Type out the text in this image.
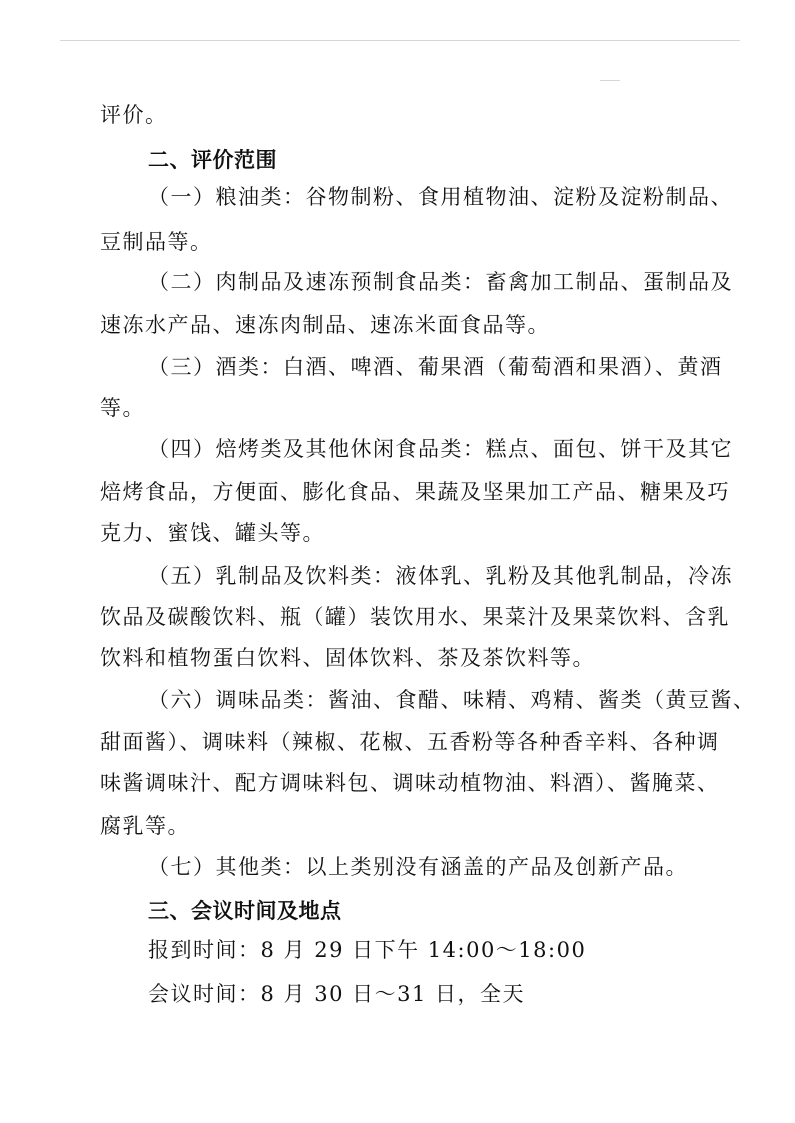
评价。
二、评价范围
（一）粮油类：谷物制粉、食用植物油、淀粉及淀粉制品、
豆制品等。
（二）肉制品及速冻预制食品类：畜禽加工制品、蛋制品及
速冻水产品、速冻肉制品、速冻米面食品等。
（三）酒类：白酒、啤酒、葡果酒（葡萄酒和果酒）、黄酒
等。
（四）焙烤类及其他休闲食品类：糕点、面包、饼干及其它
焙烤食品，方便面、膨化食品、果蔬及坚果加工产品、糖果及巧
克力、蜜饯、罐头等。
（五）乳制品及饮料类：液体乳、乳粉及其他乳制品，冷冻
饮品及碳酸饮料、瓶（罐）装饮用水、果菜汁及果菜饮料、含乳
饮料和植物蛋白饮料、固体饮料、茶及茶饮料等。
（六）调味品类：酱油、食醋、味精、鸡精、酱类（黄豆酱、
甜面酱）、调味料（辣椒、花椒、五香粉等各种香辛料、各种调
味酱调味汁、配方调味料包、调味动植物油、料酒）、酱腌菜、
腐乳等。
（七）其他类：以上类别没有涵盖的产品及创新产品。
三、会议时间及地点
报到时间：8 月 29 日下午 14:00～18:00
会议时间：8 月 30 日～31 日，全天
